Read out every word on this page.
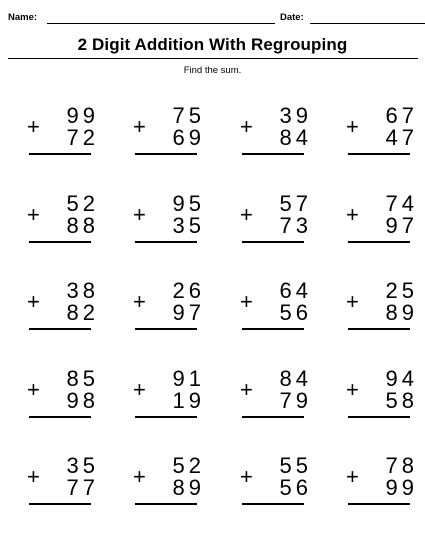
Name:	Date:
2 Digit Addition With Regrouping
Find the sum.
+ 99
72 + 75
69 + 39
84 + 67
47
+ 52
88 + 95
35 + 57
73 + 74
97
+ 38
82 + 26
97 + 64
56 + 25
89
+ 85
98 + 91
19 + 84
79 + 94
58
+ 35
77 + 52
89 + 55
56 + 78
99
